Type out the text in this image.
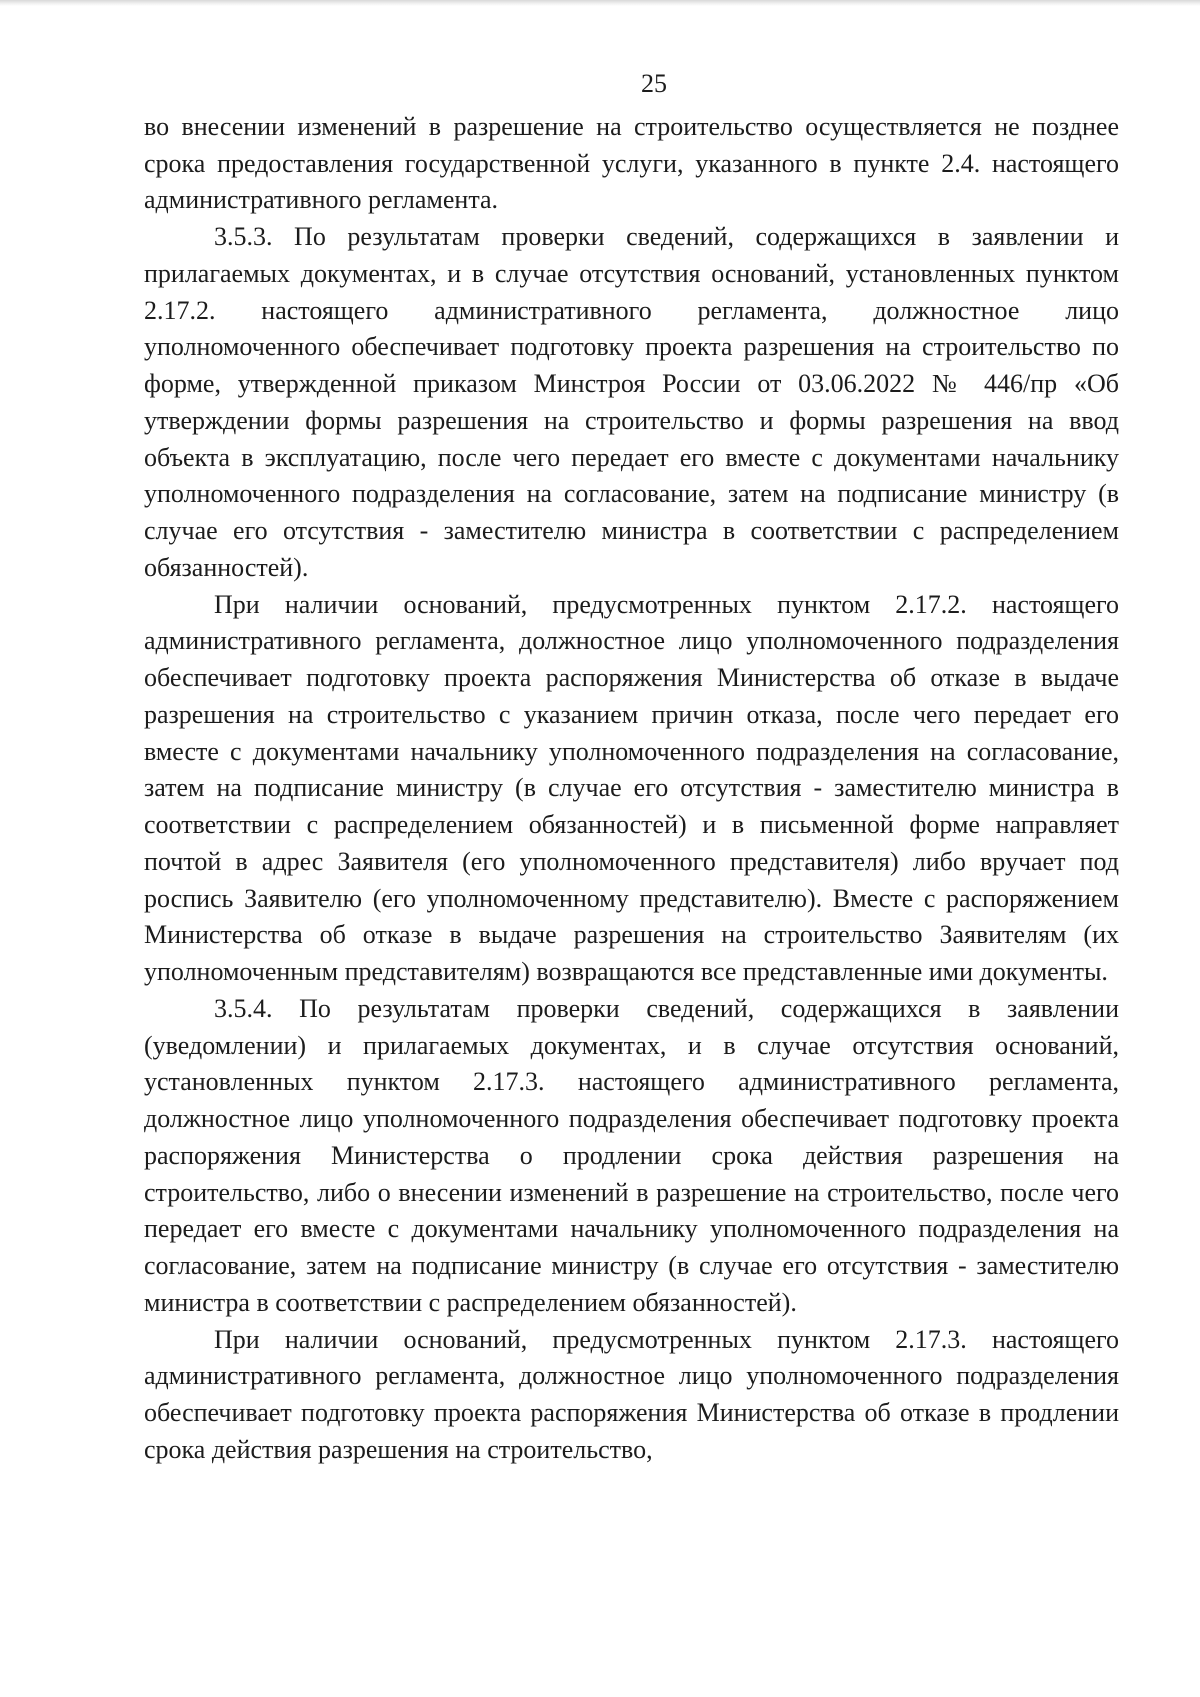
25

во внесении изменений в разрешение на строительство осуществляется не позднее срока предоставления государственной услуги, указанного в пункте 2.4. настоящего административного регламента.

3.5.3. По результатам проверки сведений, содержащихся в заявлении и прилагаемых документах, и в случае отсутствия оснований, установленных пунктом 2.17.2. настоящего административного регламента, должностное лицо уполномоченного обеспечивает подготовку проекта разрешения на строительство по форме, утвержденной приказом Минстроя России от 03.06.2022 № 446/пр «Об утверждении формы разрешения на строительство и формы разрешения на ввод объекта в эксплуатацию, после чего передает его вместе с документами начальнику уполномоченного подразделения на согласование, затем на подписание министру (в случае его отсутствия - заместителю министра в соответствии с распределением обязанностей).

При наличии оснований, предусмотренных пунктом 2.17.2. настоящего административного регламента, должностное лицо уполномоченного подразделения обеспечивает подготовку проекта распоряжения Министерства об отказе в выдаче разрешения на строительство с указанием причин отказа, после чего передает его вместе с документами начальнику уполномоченного подразделения на согласование, затем на подписание министру (в случае его отсутствия - заместителю министра в соответствии с распределением обязанностей) и в письменной форме направляет почтой в адрес Заявителя (его уполномоченного представителя) либо вручает под роспись Заявителю (его уполномоченному представителю). Вместе с распоряжением Министерства об отказе в выдаче разрешения на строительство Заявителям (их уполномоченным представителям) возвращаются все представленные ими документы.

3.5.4. По результатам проверки сведений, содержащихся в заявлении (уведомлении) и прилагаемых документах, и в случае отсутствия оснований, установленных пунктом 2.17.3. настоящего административного регламента, должностное лицо уполномоченного подразделения обеспечивает подготовку проекта распоряжения Министерства о продлении срока действия разрешения на строительство, либо о внесении изменений в разрешение на строительство, после чего передает его вместе с документами начальнику уполномоченного подразделения на согласование, затем на подписание министру (в случае его отсутствия - заместителю министра в соответствии с распределением обязанностей).

При наличии оснований, предусмотренных пунктом 2.17.3. настоящего административного регламента, должностное лицо уполномоченного подразделения обеспечивает подготовку проекта распоряжения Министерства об отказе в продлении срока действия разрешения на строительство,
